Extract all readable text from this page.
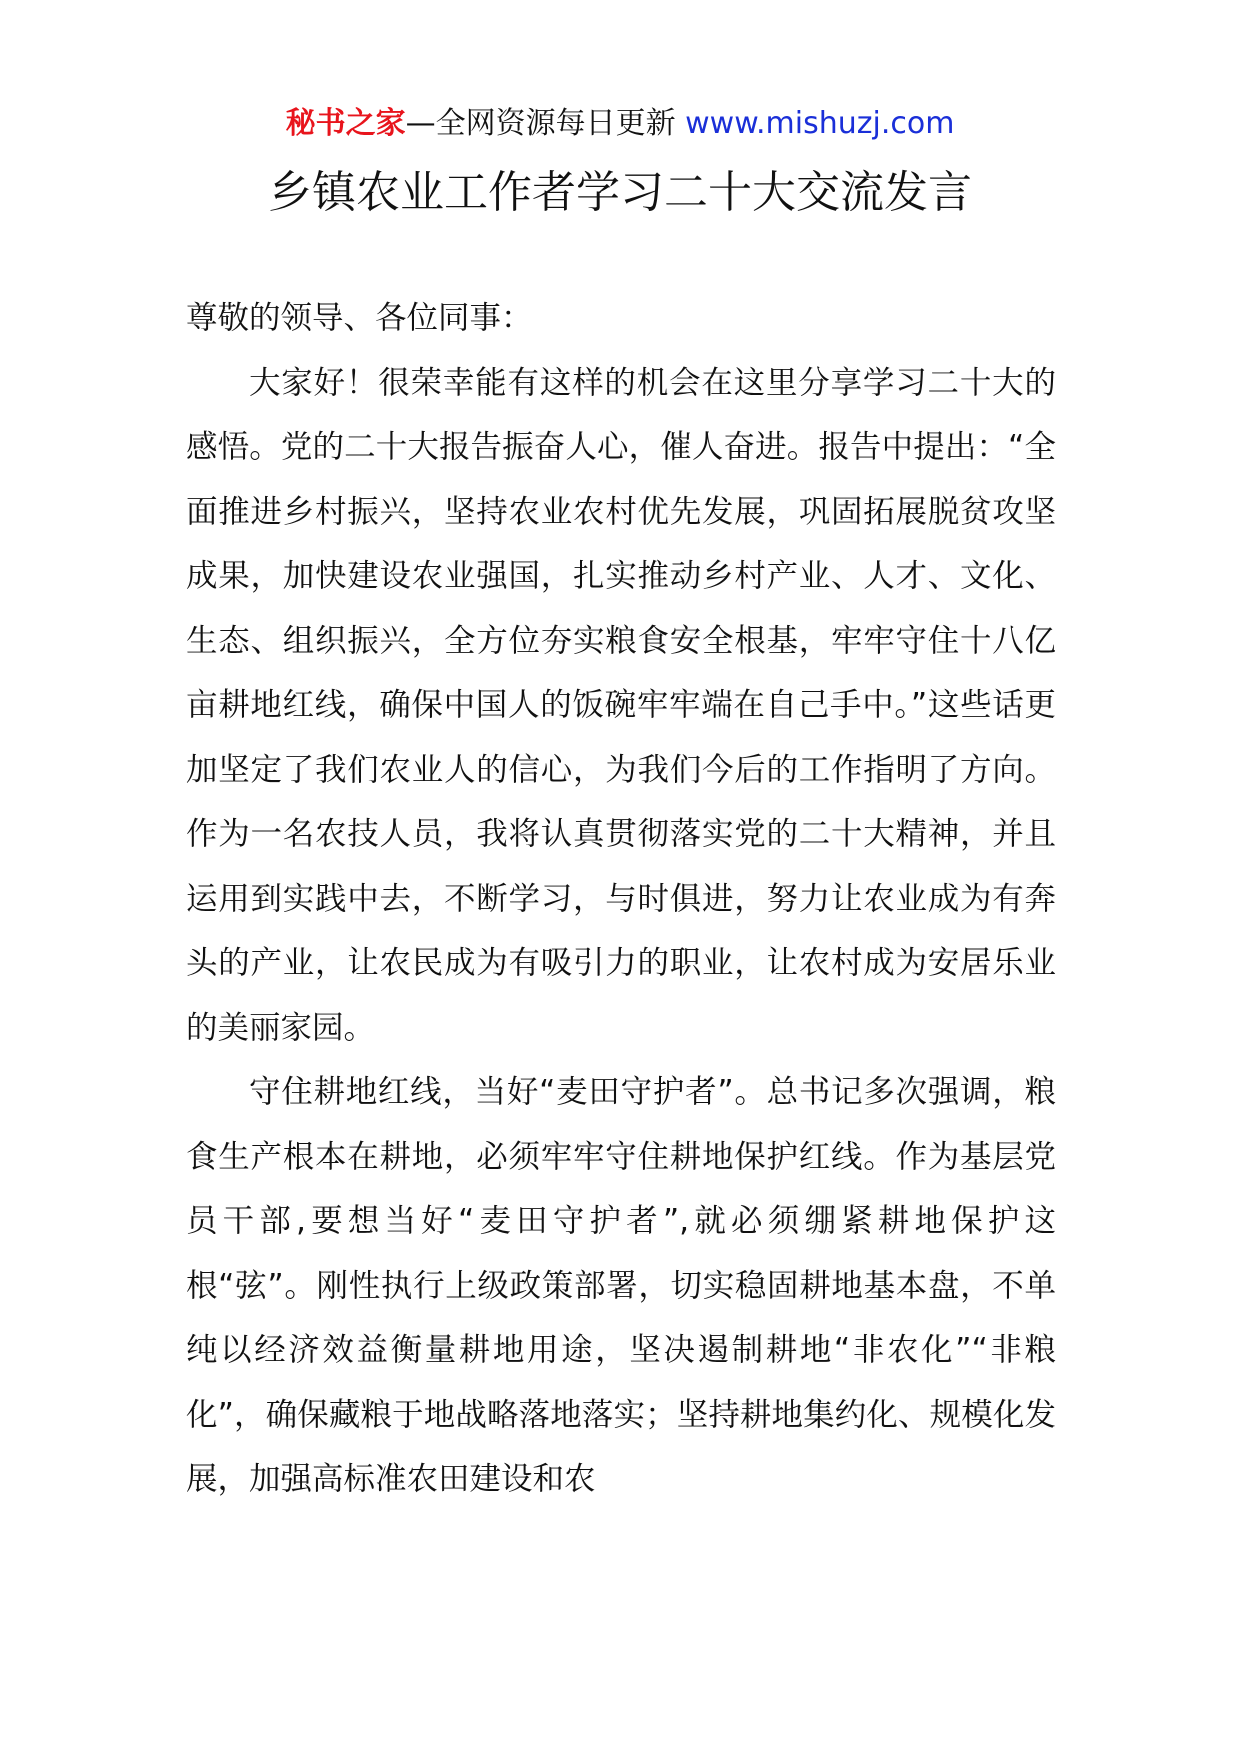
秘书之家—全网资源每日更新 www.mishuzj.com
乡镇农业工作者学习二十大交流发言

尊敬的领导、各位同事：

大家好！很荣幸能有这样的机会在这里分享学习二十大的感悟。党的二十大报告振奋人心，催人奋进。报告中提出：“全面推进乡村振兴，坚持农业农村优先发展，巩固拓展脱贫攻坚成果，加快建设农业强国，扎实推动乡村产业、人才、文化、生态、组织振兴，全方位夯实粮食安全根基，牢牢守住十八亿亩耕地红线，确保中国人的饭碗牢牢端在自己手中。”这些话更加坚定了我们农业人的信心，为我们今后的工作指明了方向。作为一名农技人员，我将认真贯彻落实党的二十大精神，并且运用到实践中去，不断学习，与时俱进，努力让农业成为有奔头的产业，让农民成为有吸引力的职业，让农村成为安居乐业的美丽家园。

守住耕地红线，当好“麦田守护者”。总书记多次强调，粮食生产根本在耕地，必须牢牢守住耕地保护红线。作为基层党员干部,要想当好“麦田守护者”,就必须绷紧耕地保护这根“弦”。刚性执行上级政策部署，切实稳固耕地基本盘，不单纯以经济效益衡量耕地用途，坚决遏制耕地“非农化”“非粮化”，确保藏粮于地战略落地落实；坚持耕地集约化、规模化发展，加强高标准农田建设和农
